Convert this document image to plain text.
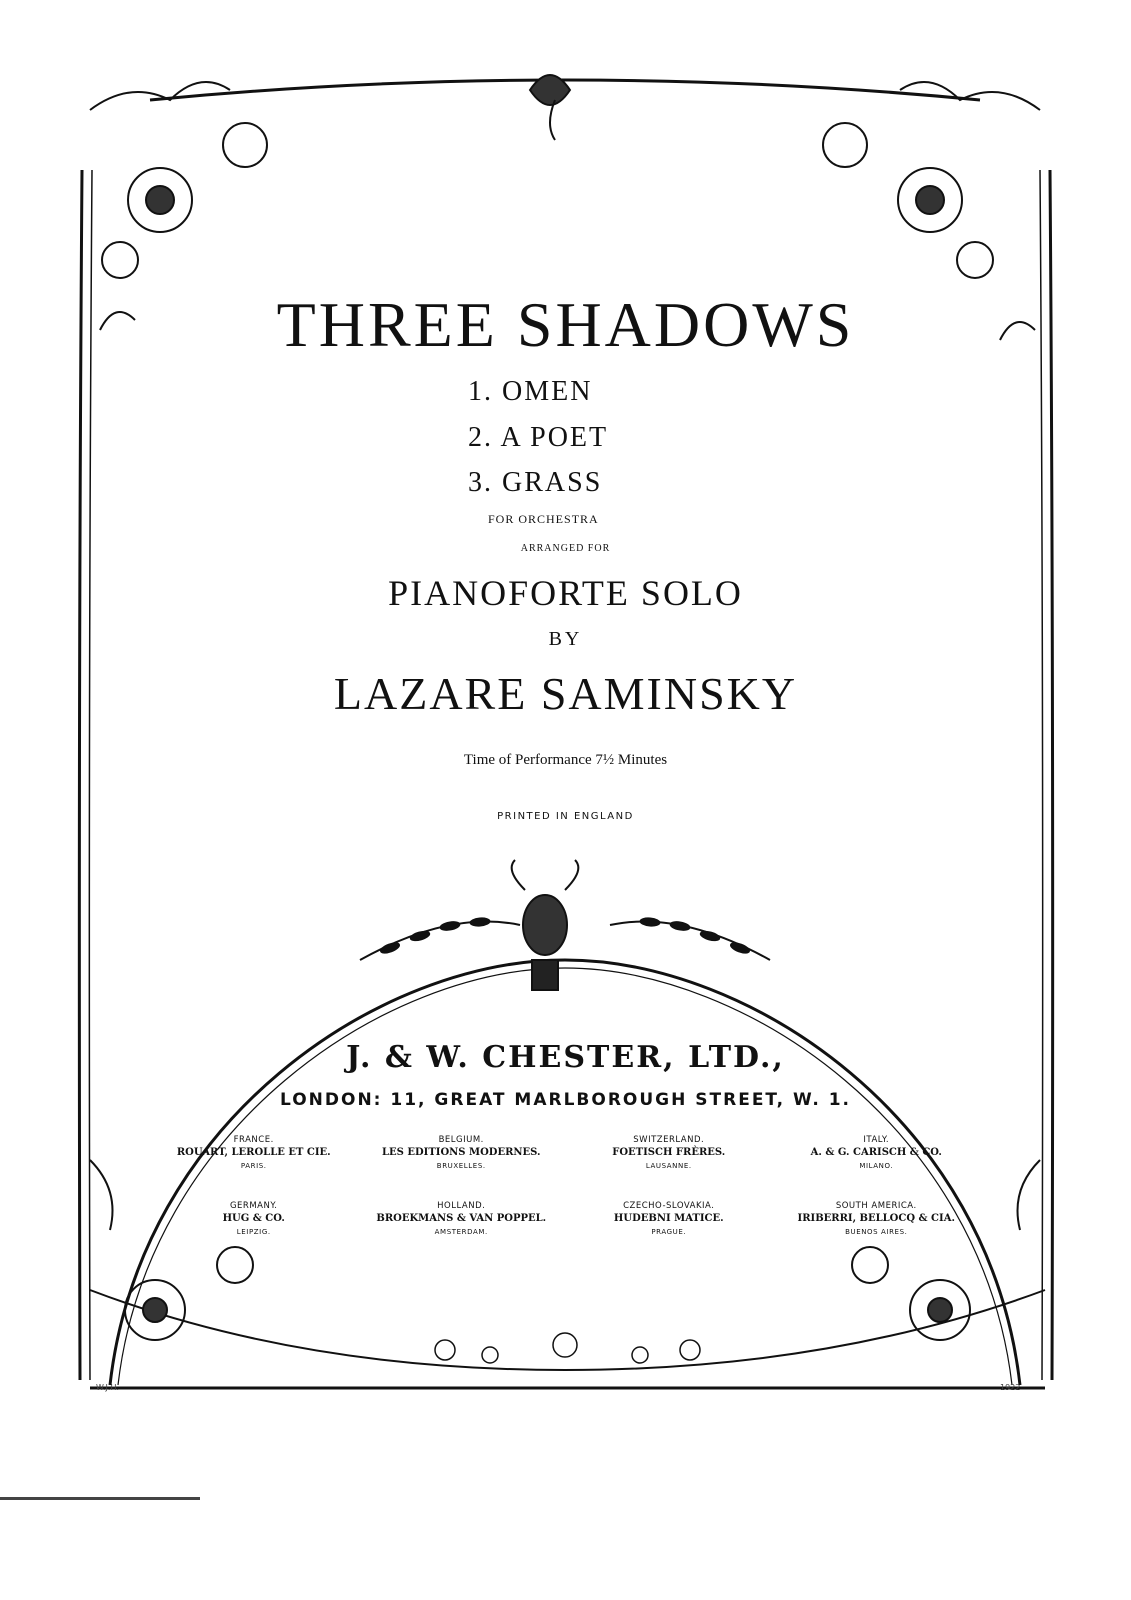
THREE SHADOWS
1. OMEN
2. A POET
3. GRASS
FOR ORCHESTRA
ARRANGED FOR
PIANOFORTE SOLO
BY
LAZARE SAMINSKY
Time of Performance 7½ Minutes
PRINTED IN ENGLAND
J. & W. CHESTER, LTD.,
LONDON: 11, GREAT MARLBOROUGH STREET, W. 1.
FRANCE.
ROUART, LEROLLE ET CIE.
PARIS.
BELGIUM.
LES EDITIONS MODERNES.
BRUXELLES.
SWITZERLAND.
FOETISCH FRÈRES.
LAUSANNE.
ITALY.
A. & G. CARISCH & CO.
MILANO.
GERMANY.
HUG & CO.
LEIPZIG.
HOLLAND.
BROEKMANS & VAN POPPEL.
AMSTERDAM.
CZECHO-SLOVAKIA.
HUDEBNI MATICE.
PRAGUE.
SOUTH AMERICA.
IRIBERRI, BELLOCQ & CIA.
BUENOS AIRES.
W.J.H.	1922
